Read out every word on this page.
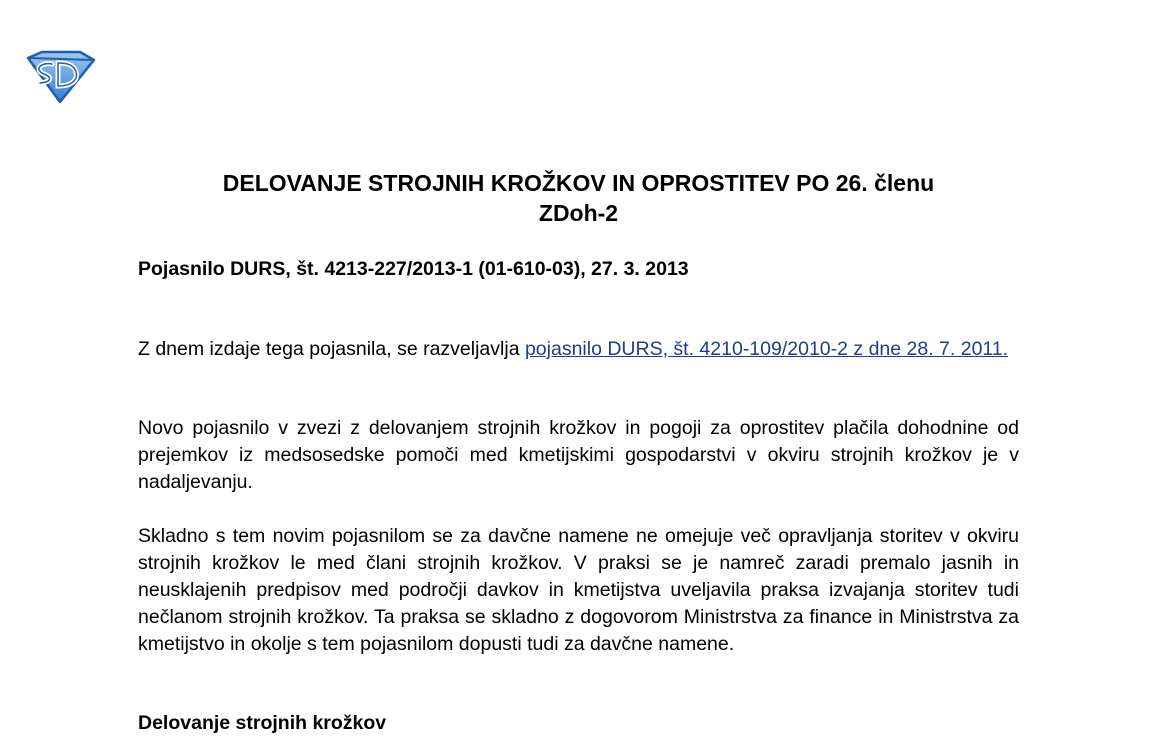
DELOVANJE STROJNIH KROŽKOV IN OPROSTITEV PO 26. členu
ZDoh-2

Pojasnilo DURS, št. 4213-227/2013-1 (01-610-03), 27. 3. 2013

Z dnem izdaje tega pojasnila, se razveljavlja pojasnilo DURS, št. 4210-109/2010-2 z dne 28. 7. 2011.

Novo pojasnilo v zvezi z delovanjem strojnih krožkov in pogoji za oprostitev plačila dohodnine od prejemkov iz medsosedske pomoči med kmetijskimi gospodarstvi v okviru strojnih krožkov je v nadaljevanju.

Skladno s tem novim pojasnilom se za davčne namene ne omejuje več opravljanja storitev v okviru strojnih krožkov le med člani strojnih krožkov. V praksi se je namreč zaradi premalo jasnih in neusklajenih predpisov med področji davkov in kmetijstva uveljavila praksa izvajanja storitev tudi nečlanom strojnih krožkov. Ta praksa se skladno z dogovorom Ministrstva za finance in Ministrstva za kmetijstvo in okolje s tem pojasnilom dopusti tudi za davčne namene.

Delovanje strojnih krožkov
